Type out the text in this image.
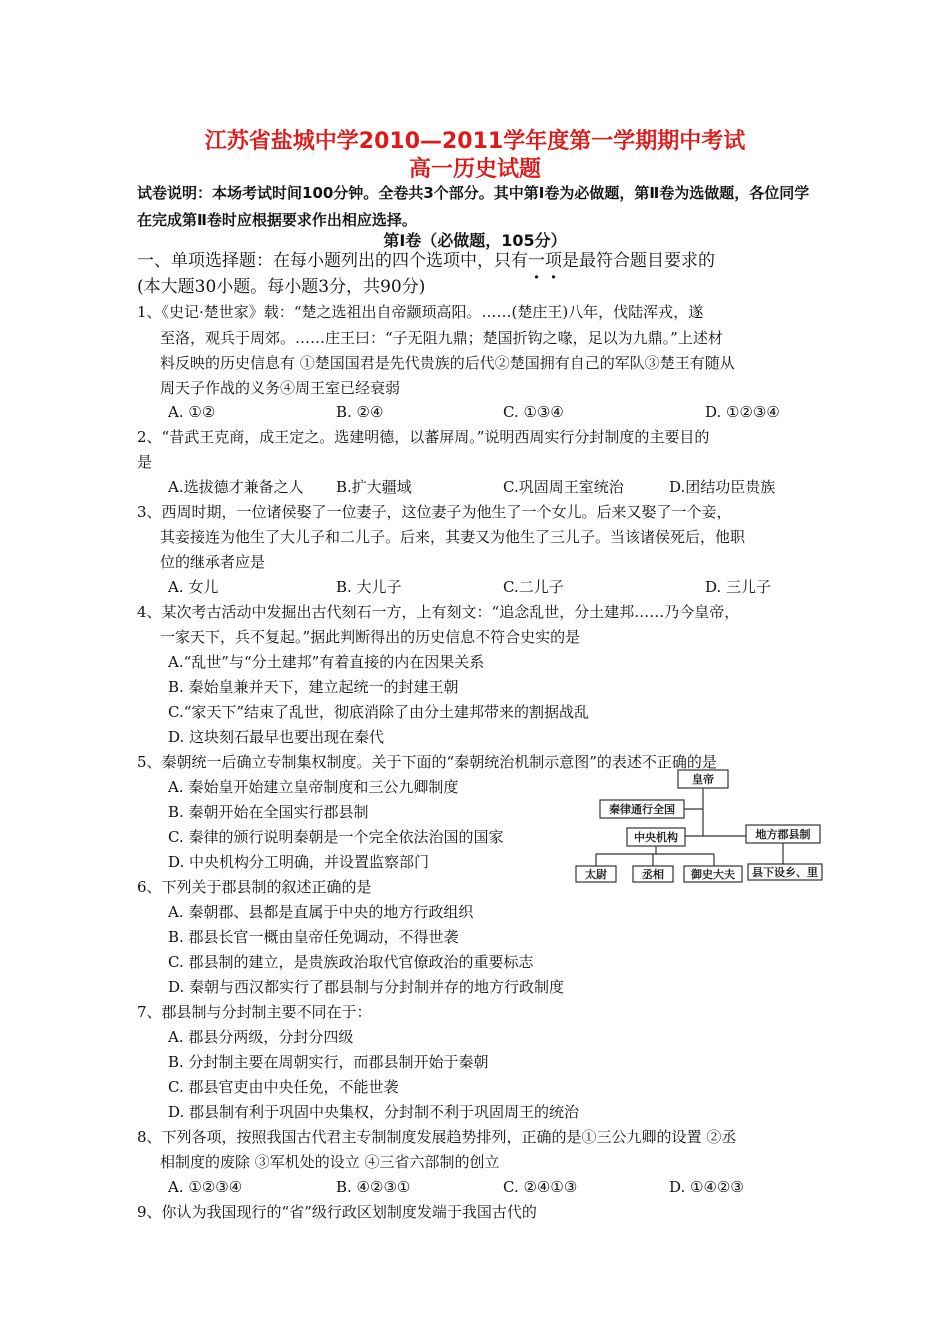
江苏省盐城中学2010—2011学年度第一学期期中考试
高一历史试题
试卷说明：本场考试时间100分钟。全卷共3个部分。其中第Ⅰ卷为必做题，第Ⅱ卷为选做题，各位同学在完成第Ⅱ卷时应根据要求作出相应选择。
第Ⅰ卷（必做题，105分）
一、单项选择题：在每小题列出的四个选项中，只有一项是最符合题目要求的
(本大题30小题。每小题3分，共90分)
1、《史记·楚世家》载：“楚之选祖出自帝颛顼高阳。……(楚庄王)八年，伐陆浑戎，遂
至洛，观兵于周郊。……庄王曰：“子无阻九鼎；楚国折钩之喙，足以为九鼎。”上述材
料反映的历史信息有 ①楚国国君是先代贵族的后代②楚国拥有自己的军队③楚王有随从
周天子作战的义务④周王室已经衰弱
A. ①②	B. ②④	C. ①③④	D. ①②③④
2、“昔武王克商，成王定之。选建明德，以蕃屏周。”说明西周实行分封制度的主要目的
是
A.选拔德才兼备之人 B.扩大疆域	C.巩固周王室统治	D.团结功臣贵族
3、西周时期，一位诸侯娶了一位妻子，这位妻子为他生了一个女儿。后来又娶了一个妾，
其妾接连为他生了大儿子和二儿子。后来，其妻又为他生了三儿子。当该诸侯死后，他职
位的继承者应是
A. 女儿	B. 大儿子	C.二儿子	D. 三儿子
4、某次考古活动中发掘出古代刻石一方，上有刻文：“追念乱世，分土建邦……乃今皇帝，
一家天下，兵不复起。”据此判断得出的历史信息不符合史实的是
A.“乱世”与“分土建邦”有着直接的内在因果关系
B. 秦始皇兼并天下，建立起统一的封建王朝
C.“家天下”结束了乱世，彻底消除了由分土建邦带来的割据战乱
D. 这块刻石最早也要出现在秦代
5、秦朝统一后确立专制集权制度。关于下面的“秦朝统治机制示意图”的表述不正确的是
A. 秦始皇开始建立皇帝制度和三公九卿制度
B. 秦朝开始在全国实行郡县制
C. 秦律的颁行说明秦朝是一个完全依法治国的国家
D. 中央机构分工明确，并设置监察部门
皇帝
秦律通行全国
中央机构	地方郡县制
太尉	丞相 御史大夫 县下设乡、里
6、下列关于郡县制的叙述正确的是
A. 秦朝郡、县都是直属于中央的地方行政组织
B. 郡县长官一概由皇帝任免调动，不得世袭
C. 郡县制的建立，是贵族政治取代官僚政治的重要标志
D. 秦朝与西汉都实行了郡县制与分封制并存的地方行政制度
7、郡县制与分封制主要不同在于：
A. 郡县分两级，分封分四级
B. 分封制主要在周朝实行，而郡县制开始于秦朝
C. 郡县官吏由中央任免，不能世袭
D. 郡县制有利于巩固中央集权，分封制不利于巩固周王的统治
8、下列各项，按照我国古代君主专制制度发展趋势排列，正确的是①三公九卿的设置 ②丞
相制度的废除 ③军机处的设立 ④三省六部制的创立
A. ①②③④	B. ④②③①	C. ②④①③	D. ①④②③
9、你认为我国现行的“省”级行政区划制度发端于我国古代的
